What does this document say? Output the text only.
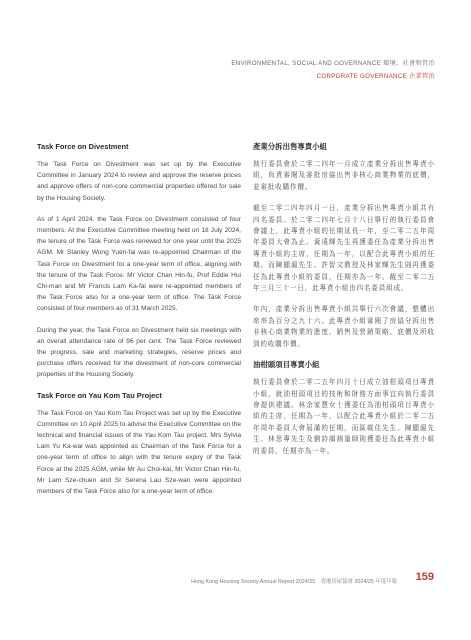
ENVIRONMENTAL, SOCIAL AND GOVERNANCE 環境、社會和管治
CORPORATE GOVERNANCE 企業管治
Task Force on Divestment

The Task Force on Divestment was set up by the Executive Committee in January 2024 to review and approve the reserve prices and approve offers of non-core commercial properties offered for sale by the Housing Society.

As of 1 April 2024, the Task Force on Divestment consisted of four members. At the Executive Committee meeting held on 18 July 2024, the tenure of the Task Force was renewed for one year until the 2025 AGM. Mr Stanley Wong Yuen-fai was re-appointed Chairman of the Task Force on Divestment for a one-year term of office, aligning with the tenure of the Task Force. Mr Victor Chan Hin-fu, Prof Eddie Hui Chi-man and Mr Francis Lam Ka-fai were re-appointed members of the Task Force also for a one-year term of office. The Task Force consisted of four members as of 31 March 2025.

During the year, the Task Force on Divestment held six meetings with an overall attendance rate of 96 per cent. The Task Force reviewed the progress, sale and marketing strategies, reserve prices and purchase offers received for the divestment of non-core commercial properties of the Housing Society.

Task Force on Yau Kom Tau Project

The Task Force on Yau Kom Tau Project was set up by the Executive Committee on 10 April 2025 to advise the Executive Committee on the technical and financial issues of the Yau Kom Tau project. Mrs Sylvia Lam Yu Ka-wai was appointed as Chairman of the Task Force for a one-year term of office to align with the tenure expiry of the Task Force at the 2025 AGM, while Mr Au Choi-kai, Mr Victor Chan Hin-fu, Mr Lam Sze-chuen and Sr Serena Lau Sze-wan were appointed members of the Task Force also for a one-year term of office.

產業分拆出售專責小組

執行委員會於二零二四年一月成立產業分拆出售專責小組，負責審閱及審批房協出售非核心商業物業的底價，並審批收購作價。

截至二零二四年四月一日，產業分拆出售專責小組共有四名委員。於二零二四年七月十八日舉行的執行委員會會議上，此專責小組的任期延長一年，至二零二五年周年委員大會為止。黃遠輝先生再獲委任為產業分拆出售專責小組的主席，任期為一年，以配合此專責小組的任期。而陳顯滬先生、許智文教授及林家輝先生則再獲委任為此專責小組的委員，任期亦為一年。截至二零二五年三月三十一日，此專責小組由四名委員組成。

年內，產業分拆出售專責小組共舉行六次會議，整體出席率為百分之九十六。此專責小組審閱了房協分拆出售非核心商業物業的進度、銷售及營銷策略、底價及所收到的收購作價。

油柑頭項目專責小組

執行委員會於二零二五年四月十日成立油柑頭項目專責小組，就油柑頭項目的技術和財務方面事宜向執行委員會提供建議。林余家慧女士獲委任為油柑頭項目專責小組的主席，任期為一年，以配合此專責小組於二零二五年周年委員大會屆滿的任期，而區載佳先生、陳顯滬先生、林思專先生及劉詩韻測量師則獲委任為此專責小組的委員，任期亦為一年。

Hong Kong Housing Society Annual Report 2024/25　香港房屋協會 2024/25 年度年報 159
